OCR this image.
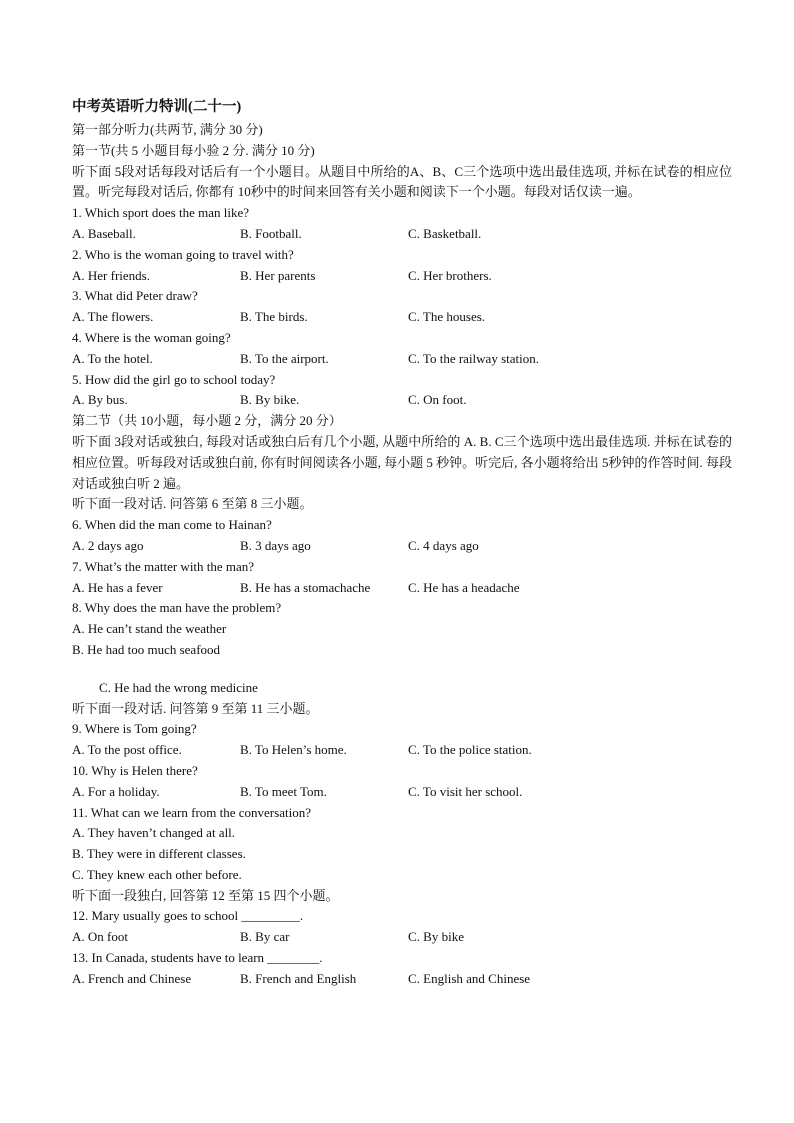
中考英语听力特训(二十一)
第一部分听力(共两节, 满分 30 分)
第一节(共 5 小题目每小验 2 分. 满分 10 分)
听下面 5段对话每段对话后有一个小题目。从题目中所给的A、B、C三个选项中选出最佳选项, 并标在试卷的相应位置。听完每段对话后, 你都有 10秒中的时间来回答有关小题和阅读下一个小题。每段对话仅读一遍。
1. Which sport does the man like?
A. Baseball.	B. Football.	C. Basketball.
2. Who is the woman going to travel with?
A. Her friends.	B. Her parents	C. Her brothers.
3. What did Peter draw?
A. The flowers.	B. The birds.	C. The houses.
4. Where is the woman going?
A. To the hotel.	B. To the airport.	C. To the railway station.
5. How did the girl go to school today?
A. By bus.	B. By bike.	C. On foot.
第二节（共 10小题，每小题 2 分，满分 20 分）
听下面 3段对话或独白, 每段对话或独白后有几个小题, 从题中所给的 A. B. C三个选项中选出最佳选项. 并标在试卷的相应位置。听每段对话或独白前, 你有时间阅读各小题, 每小题 5 秒钟。听完后, 各小题将给出 5秒钟的作答时间. 每段对话或独白听 2 遍。
听下面一段对话. 问答第 6 至第 8 三小题。
6. When did the man come to Hainan?
A. 2 days ago	B. 3 days ago	C. 4 days ago
7. What’s the matter with the man?
A. He has a fever	B. He has a stomachache	C. He has a headache
8. Why does the man have the problem?
A. He can’t stand the weather
B. He had too much seafood
C. He had the wrong medicine
听下面一段对话. 问答第 9 至第 11 三小题。
9. Where is Tom going?
A. To the post office.	B. To Helen’s home.	C. To the police station.
10. Why is Helen there?
A. For a holiday.	B. To meet Tom.	C. To visit her school.
11. What can we learn from the conversation?
A. They haven’t changed at all.
B. They were in different classes.
C. They knew each other before.
听下面一段独白, 回答第 12 至第 15 四个小题。
12. Mary usually goes to school _________.
A. On foot	B. By car	C. By bike
13. In Canada, students have to learn ________.
A. French and Chinese	B. French and English	C. English and Chinese
